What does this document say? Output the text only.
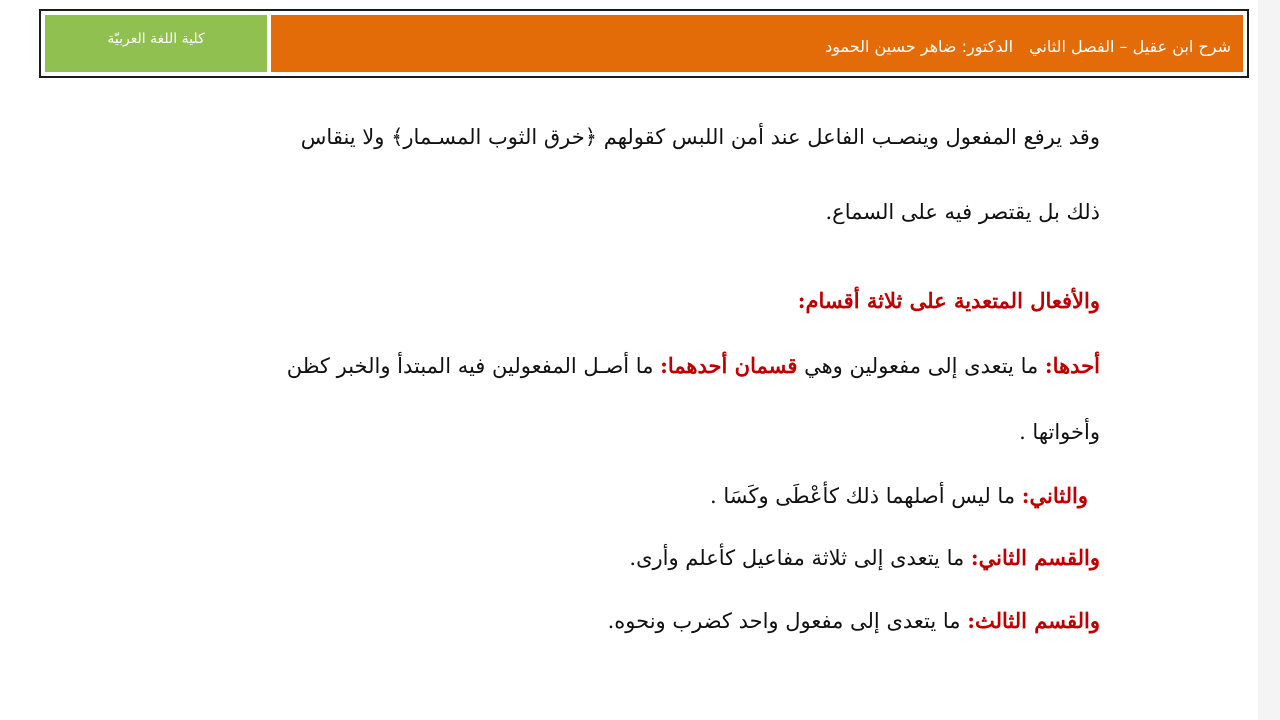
كلية اللغة العربيّة	شرح ابن عقيل – الفصل الثانيالدكتور: ضاهر حسين الحمود
وقد يرفع المفعول وينصـب الفاعل عند أمن اللبس كقولهم ﴿خرق الثوب المسـمار﴾ ولا ينقاس
ذلك بل يقتصر فيه على السماع.
والأفعال المتعدية على ثلاثة أقسام:
أحدها: ما يتعدى إلى مفعولين وهي قسمان أحدهما: ما أصـل المفعولين فيه المبتدأ والخبر كظن
وأخواتها .
والثاني: ما ليس أصلهما ذلك كأعْطَى وكَسَا .
والقسم الثاني: ما يتعدى إلى ثلاثة مفاعيل كأعلم وأرى.
والقسم الثالث: ما يتعدى إلى مفعول واحد كضرب ونحوه.
